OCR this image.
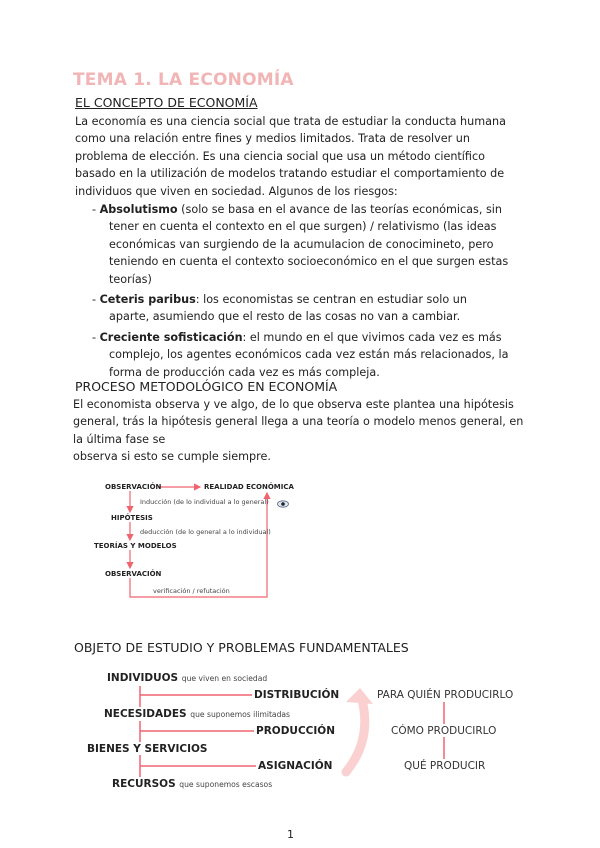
TEMA 1. LA ECONOMÍA
EL CONCEPTO DE ECONOMÍA
La economía es una ciencia social que trata de estudiar la conducta humana
como una relación entre fines y medios limitados. Trata de resolver un
problema de elección. Es una ciencia social que usa un método científico
basado en la utilización de modelos tratando estudiar el comportamiento de
individuos que viven en sociedad. Algunos de los riesgos:
- Absolutismo (solo se basa en el avance de las teorías económicas, sin
tener en cuenta el contexto en el que surgen) / relativismo (las ideas
económicas van surgiendo de la acumulacion de conocimineto, pero
teniendo en cuenta el contexto socioeconómico en el que surgen estas
teorías)
- Ceteris paribus: los economistas se centran en estudiar solo un
aparte, asumiendo que el resto de las cosas no van a cambiar.
- Creciente sofisticación: el mundo en el que vivimos cada vez es más
complejo, los agentes económicos cada vez están más relacionados, la
forma de producción cada vez es más compleja.
PROCESO METODOLÓGICO EN ECONOMÍA
El economista observa y ve algo, de lo que observa este plantea una hipótesis
general, trás la hipótesis general llega a una teoría o modelo menos general, en
la última fase se
observa si esto se cumple siempre.
OBSERVACIÓN	REALIDAD ECONÓMICA
Inducción (de lo individual a lo general)
HIPÓTESIS
deducción (de lo general a lo individual)
TEORÍAS Y MODELOS
OBSERVACIÓN
verificación / refutación
OBJETO DE ESTUDIO Y PROBLEMAS FUNDAMENTALES
INDIVIDUOS que viven en sociedad
NECESIDADES que suponemos ilimitadas
BIENES Y SERVICIOS
RECURSOS que suponemos escasos
DISTRIBUCIÓN
PRODUCCIÓN
ASIGNACIÓN
PARA QUIÉN PRODUCIRLO
CÓMO PRODUCIRLO
QUÉ PRODUCIR
1
